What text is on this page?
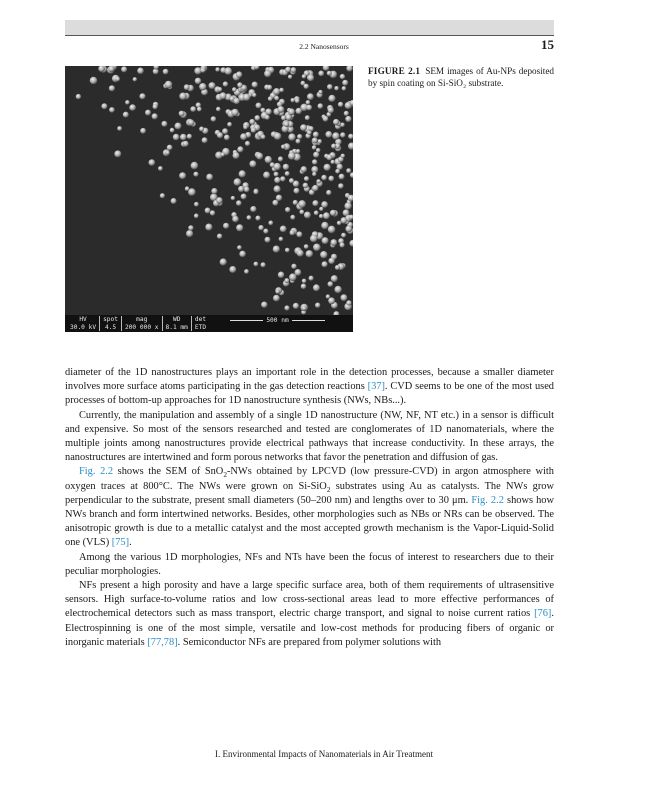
2.2 Nanosensors	15
HV
30.0 kV
spot
4.5
mag
200 000 x
WD
8.1 mm
det
ETD
500 nm
FIGURE 2.1 SEM images of Au-NPs deposited by spin coating on Si-SiO₂ substrate.

diameter of the 1D nanostructures plays an important role in the detection processes, because a smaller diameter involves more surface atoms participating in the gas detection reactions [37]. CVD seems to be one of the most used processes of bottom-up approaches for 1D nanostructure synthesis (NWs, NBs...).

Currently, the manipulation and assembly of a single 1D nanostructure (NW, NF, NT etc.) in a sensor is difficult and expensive. So most of the sensors researched and tested are conglomerates of 1D nanomaterials, where the multiple joints among nanostructures provide electrical pathways that increase conductivity. In these arrays, the nanostructures are intertwined and form porous networks that favor the penetration and diffusion of gas.

Fig. 2.2 shows the SEM of SnO$_2$-NWs obtained by LPCVD (low pressure-CVD) in argon atmosphere with oxygen traces at 800°C. The NWs were grown on Si-SiO$_2$ substrates using Au as catalysts. The NWs grow perpendicular to the substrate, present small diameters (50–200 nm) and lengths over to 30 μm. Fig. 2.2 shows how NWs branch and form intertwined networks. Besides, other morphologies such as NBs or NRs can be observed. The anisotropic growth is due to a metallic catalyst and the most accepted growth mechanism is the Vapor-Liquid-Solid one (VLS) [75].

Among the various 1D morphologies, NFs and NTs have been the focus of interest to researchers due to their peculiar morphologies.

NFs present a high porosity and have a large specific surface area, both of them requirements of ultrasensitive sensors. High surface-to-volume ratios and low cross-sectional areas lead to more effective performances of electrochemical detectors such as mass transport, electric charge transport, and signal to noise current ratios [76]. Electrospinning is one of the most simple, versatile and low-cost methods for producing fibers of organic or inorganic materials [77,78]. Semiconductor NFs are prepared from polymer solutions with

I. Environmental Impacts of Nanomaterials in Air Treatment
